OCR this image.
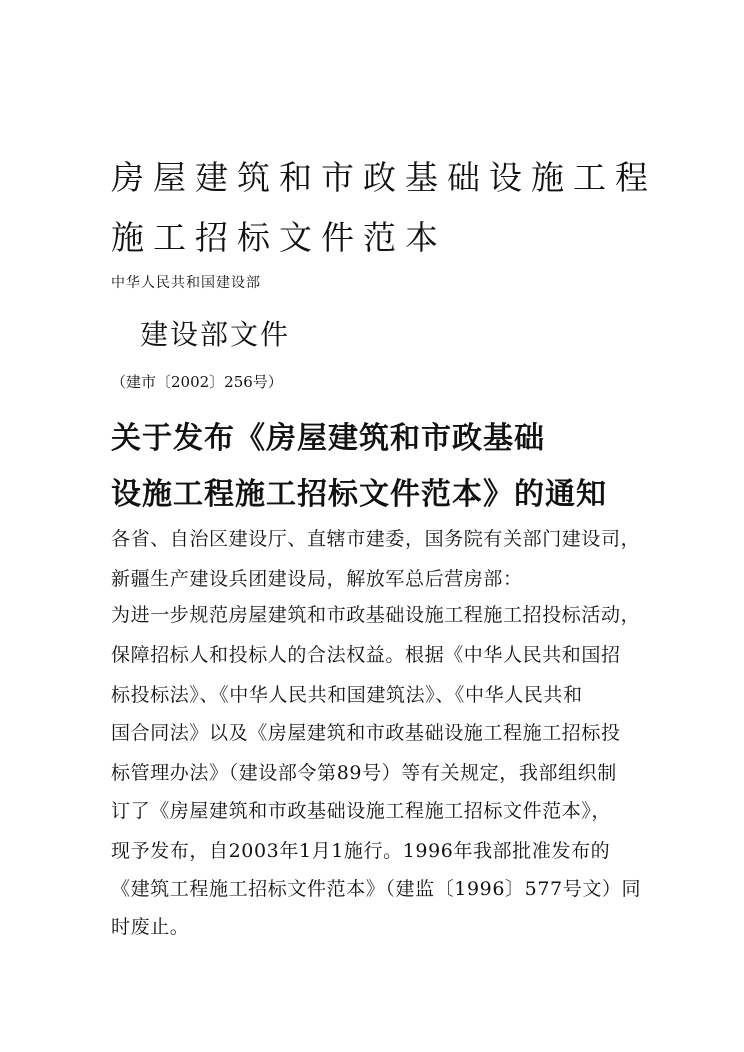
房屋建筑和市政基础设施工程
施工招标文件范本
中华人民共和国建设部
建设部文件
（建市〔2002〕256号）
关于发布《房屋建筑和市政基础
设施工程施工招标文件范本》的通知
各省、自治区建设厅、直辖市建委，国务院有关部门建设司，
新疆生产建设兵团建设局，解放军总后营房部：
为进一步规范房屋建筑和市政基础设施工程施工招投标活动，
保障招标人和投标人的合法权益。根据《中华人民共和国招
标投标法》、《中华人民共和国建筑法》、《中华人民共和
国合同法》以及《房屋建筑和市政基础设施工程施工招标投
标管理办法》（建设部令第89号）等有关规定，我部组织制
订了《房屋建筑和市政基础设施工程施工招标文件范本》，
现予发布，自2003年1月1施行。1996年我部批准发布的
《建筑工程施工招标文件范本》（建监〔1996〕577号文）同
时废止。
